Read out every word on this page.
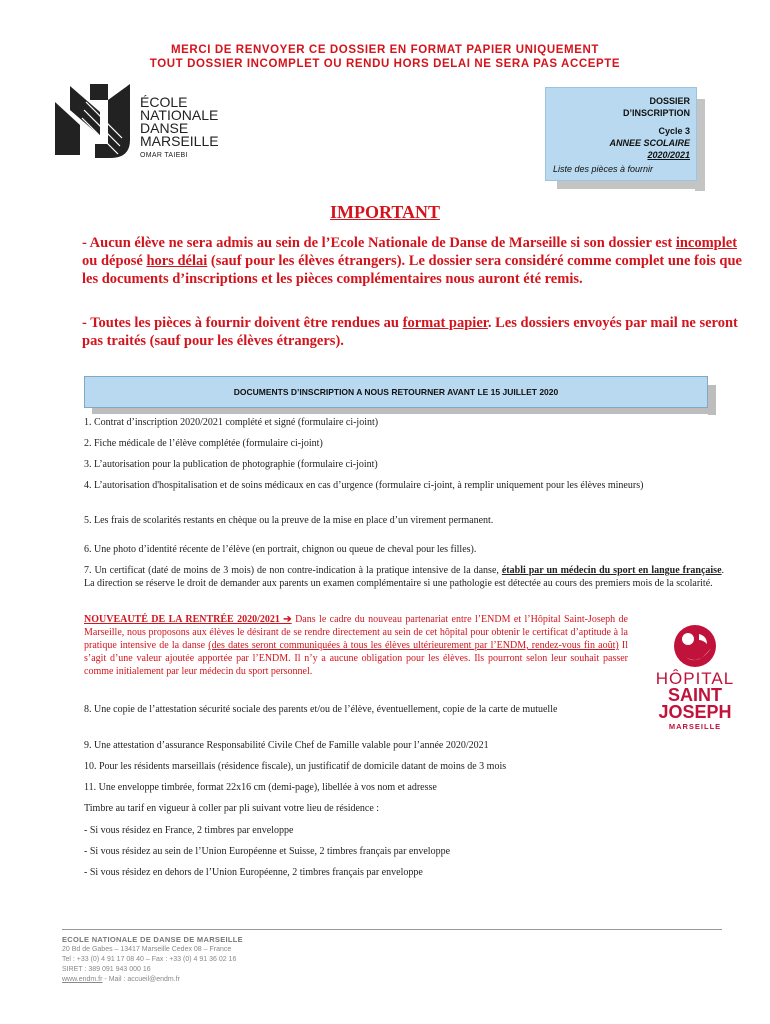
MERCI DE RENVOYER CE DOSSIER EN FORMAT PAPIER UNIQUEMENT
TOUT DOSSIER INCOMPLET OU RENDU HORS DELAI NE SERA PAS ACCEPTE
ÉCOLE
NATIONALE
DANSE
MARSEILLE
OMAR TAIEBI
DOSSIER
D’INSCRIPTION
Cycle 3
ANNEE SCOLAIRE
2020/2021
Liste des pièces à fournir
IMPORTANT
- Aucun élève ne sera admis au sein de l’Ecole Nationale de Danse de Marseille si son dossier est incomplet ou déposé hors délai (sauf pour les élèves étrangers). Le dossier sera considéré comme complet une fois que les documents d’inscriptions et les pièces complémentaires nous auront été remis.
- Toutes les pièces à fournir doivent être rendues au format papier. Les dossiers envoyés par mail ne seront pas traités (sauf pour les élèves étrangers).
DOCUMENTS D’INSCRIPTION A NOUS RETOURNER AVANT LE 15 JUILLET 2020
1. Contrat d’inscription 2020/2021 complété et signé (formulaire ci-joint)
2. Fiche médicale de l’élève complétée (formulaire ci-joint)
3. L’autorisation pour la publication de photographie (formulaire ci-joint)
4. L’autorisation d'hospitalisation et de soins médicaux en cas d’urgence (formulaire ci-joint, à remplir uniquement pour les élèves mineurs)
5. Les frais de scolarités restants en chèque ou la preuve de la mise en place d’un virement permanent.
6. Une photo d’identité récente de l’élève (en portrait, chignon ou queue de cheval pour les filles).
7. Un certificat (daté de moins de 3 mois) de non contre-indication à la pratique intensive de la danse, établi par un médecin du sport en langue française. La direction se réserve le droit de demander aux parents un examen complémentaire si une pathologie est détectée au cours des premiers mois de la scolarité.
NOUVEAUTÉ DE LA RENTRÉE 2020/2021 ➔ Dans le cadre du nouveau partenariat entre l’ENDM et l’Hôpital Saint-Joseph de Marseille, nous proposons aux élèves le désirant de se rendre directement au sein de cet hôpital pour obtenir le certificat d’aptitude à la pratique intensive de la danse (des dates seront communiquées à tous les élèves ultérieurement par l’ENDM, rendez-vous fin août) Il s’agit d’une valeur ajoutée apportée par l’ENDM. Il n’y a aucune obligation pour les élèves. Ils pourront selon leur souhait passer comme initialement par leur médecin du sport personnel.	HÔPITAL
SAINT
JOSEPH
MARSEILLE
8. Une copie de l’attestation sécurité sociale des parents et/ou de l’élève, éventuellement, copie de la carte de mutuelle
9. Une attestation d’assurance Responsabilité Civile Chef de Famille valable pour l’année 2020/2021
10. Pour les résidents marseillais (résidence fiscale), un justificatif de domicile datant de moins de 3 mois
11. Une enveloppe timbrée, format 22x16 cm (demi-page), libellée à vos nom et adresse
Timbre au tarif en vigueur à coller par pli suivant votre lieu de résidence :
- Si vous résidez en France, 2 timbres par enveloppe
- Si vous résidez au sein de l’Union Européenne et Suisse, 2 timbres français par enveloppe
- Si vous résidez en dehors de l’Union Européenne, 2 timbres français par enveloppe
ECOLE NATIONALE DE DANSE DE MARSEILLE
20 Bd de Gabes – 13417 Marseille Cedex 08 – France
Tel : +33 (0) 4 91 17 08 40 – Fax : +33 (0) 4 91 36 02 16
SIRET : 389 091 943 000 16
www.endm.fr - Mail : accueil@endm.fr
